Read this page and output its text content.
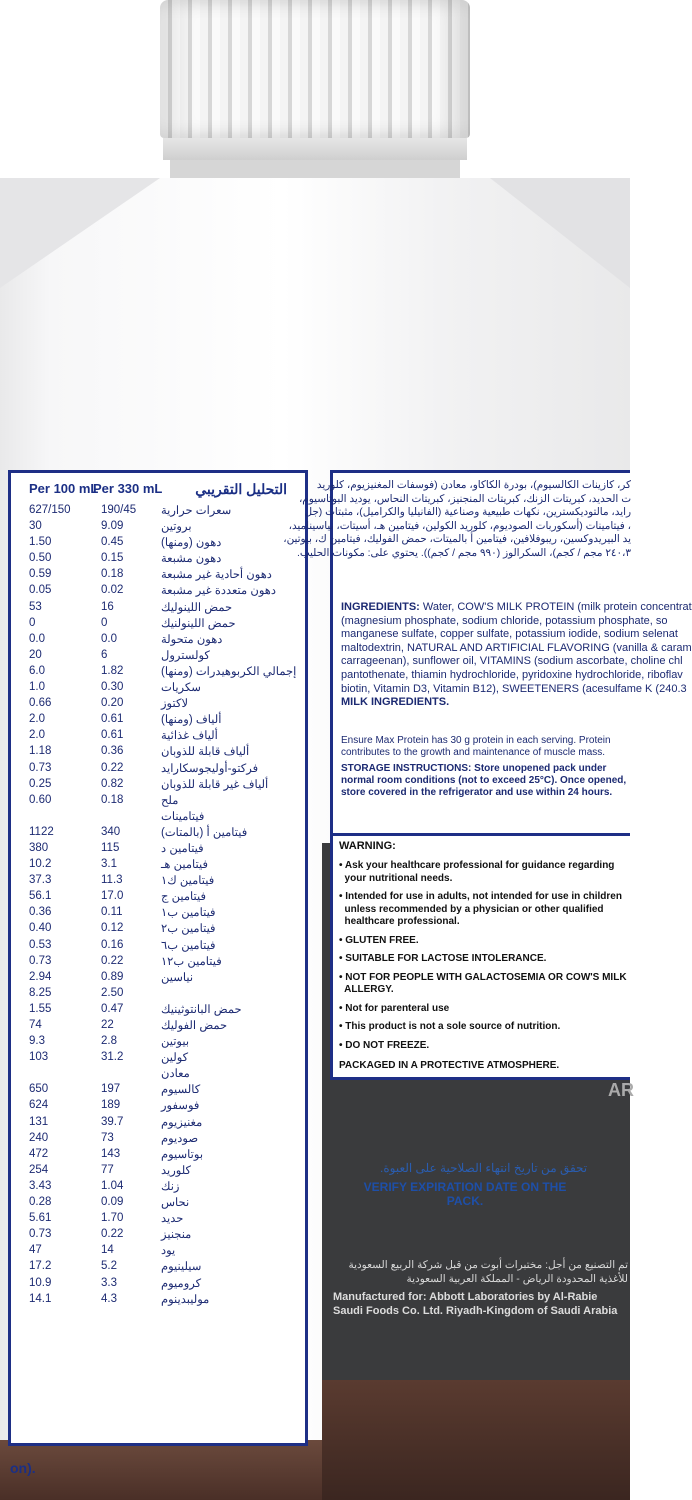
AR
Per 100 mL
Per 330 mL التحليل التقريبي
627/150	190/45 سعرات حرارية
30	9.09	بروتين
1.50	0.45	دهون (ومنها)
0.50	0.15	دهون مشبعة
0.59	0.18	دهون أحادية غير مشبعة
0.05	0.02	دهون متعددة غير مشبعة
53	16	حمض اللينوليك
0	0	حمض اللينولنيك
0.0	0.0	دهون متحولة
20	6	كولسترول
6.0	1.82	إجمالي الكربوهيدرات (ومنها)
1.0	0.30	سكريات
0.66	0.20	لاكتوز
2.0	0.61	ألياف (ومنها)
2.0	0.61	ألياف غذائية
1.18	0.36	ألياف قابلة للذوبان
0.73	0.22	فركتو-أوليجوسكارايد
0.25	0.82	ألياف غير قابلة للذوبان
0.60	0.18	ملح
فيتامينات
1122	340	فيتامين أ (بالمتات)
380	115	فيتامين د
10.2	3.1	فيتامين هـ
37.3	11.3	فيتامين ك١
56.1	17.0	فيتامين ج
0.36	0.11	فيتامين ب١
0.40	0.12	فيتامين ب٢
0.53	0.16	فيتامين ب٦
0.73	0.22	فيتامين ب١٢
2.94	0.89	نياسين
8.25	2.50
1.55	0.47	حمض البانتوثينيك
74	22	حمض الفوليك
9.3	2.8	بيوتين
103	31.2	كولين
معادن
650	197	كالسيوم
624	189	فوسفور
131	39.7	مغنيزيوم
240	73	صوديوم
472	143	بوتاسيوم
254	77	كلوريد
3.43	1.04	زنك
0.28	0.09	نحاس
5.61	1.70	حديد
0.73	0.22	منجنيز
47	14	يود
17.2	5.2	سيلينيوم
10.9	3.3	كروميوم
14.1	4.3	موليبدينوم
on).
كر، كازينات الكالسيوم)، بودرة الكاكاو، معادن (فوسفات المغنيزيوم، كلوريد
ت الحديد، كبريتات الزنك، كبريتات المنجنيز، كبريتات النحاس، يوديد البوتاسيوم،
رايد، مالتوديكسترين، نكهات طبيعية وصناعية (الفانيليا والكراميل)، مثبتات (جل
، فيتامينات (أسكوربات الصوديوم، كلوريد الكولين، فيتامين هـ، أسيتات، نياسيناميد،
يد البيريدوكسين، ريبوفلافين، فيتامين أ بالميتات، حمض الفوليك، فيتامين ك، بيوتين،
٢٤٠،٣ مجم / كجم)، السكرالوز (٩٩٠ مجم / كجم)). يحتوي على: مكونات الحليب.
INGREDIENTS: Water, COW'S MILK PROTEIN (milk protein concentrat
(magnesium phosphate, sodium chloride, potassium phosphate, so
manganese sulfate, copper sulfate, potassium iodide, sodium selenat
maltodextrin, NATURAL AND ARTIFICIAL FLAVORING (vanilla & caram
carrageenan), sunflower oil, VITAMINS (sodium ascorbate, choline chl
pantothenate, thiamin hydrochloride, pyridoxine hydrochloride, riboflav
biotin, Vitamin D3, Vitamin B12), SWEETENERS (acesulfame K (240.3
MILK INGREDIENTS.
Ensure Max Protein has 30 g protein in each serving. Protein
contributes to the growth and maintenance of muscle mass.
STORAGE INSTRUCTIONS: Store unopened pack under
normal room conditions (not to exceed 25°C). Once opened,
store covered in the refrigerator and use within 24 hours.
WARNING:
• Ask your healthcare professional for guidance regarding
your nutritional needs.
• Intended for use in adults, not intended for use in children
unless recommended by a physician or other qualified
healthcare professional.
• GLUTEN FREE.
• SUITABLE FOR LACTOSE INTOLERANCE.
• NOT FOR PEOPLE WITH GALACTOSEMIA OR COW'S MILK
ALLERGY.
• Not for parenteral use
• This product is not a sole source of nutrition.
• DO NOT FREEZE.
PACKAGED IN A PROTECTIVE ATMOSPHERE.
تحقق من تاريخ انتهاء الصلاحية على العبوة.
VERIFY EXPIRATION DATE ON THE PACK.
تم التصنيع من أجل: مختبرات أبوت من قبل شركة الربيع السعودية
للأغذية المحدودة الرياض - المملكة العربية السعودية
Manufactured for: Abbott Laboratories by Al-Rabie
Saudi Foods Co. Ltd. Riyadh-Kingdom of Saudi Arabia
